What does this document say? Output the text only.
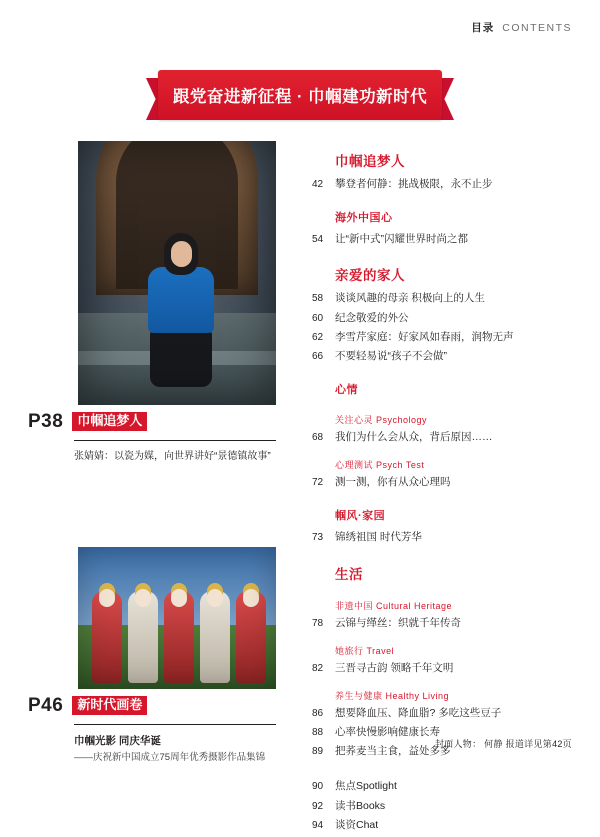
目录 CONTENTS
跟党奋进新征程 · 巾帼建功新时代
P38	巾帼追梦人
张婧婧：以瓷为媒，向世界讲好“景德镇故事”
P46	新时代画卷
巾帼光影 同庆华诞
——庆祝新中国成立75周年优秀摄影作品集锦
巾帼追梦人
42	攀登者何静：挑战极限，永不止步
海外中国心
54	让“新中式”闪耀世界时尚之都
亲爱的家人
58	谈谈风趣的母亲 积极向上的人生
60	纪念敬爱的外公
62	李雪芹家庭：好家风如春雨，润物无声
66	不要轻易说“孩子不会做”
心情
关注心灵 Psychology
68	我们为什么会从众，背后原因……
心理测试 Psych Test
72	测一测，你有从众心理吗
帼风·家园
73	锦绣祖国 时代芳华
生活
非遗中国 Cultural Heritage
78	云锦与缂丝：织就千年传奇
她旅行 Travel
82	三晋寻古韵 领略千年文明
养生与健康 Healthy Living
86	想要降血压、降血脂? 多吃这些豆子
88	心率快慢影响健康长寿
89	把荞麦当主食，益处多多
90	焦点Spotlight
92	读书Books
94	谈资Chat
封面人物： 何静 报道详见第42页
